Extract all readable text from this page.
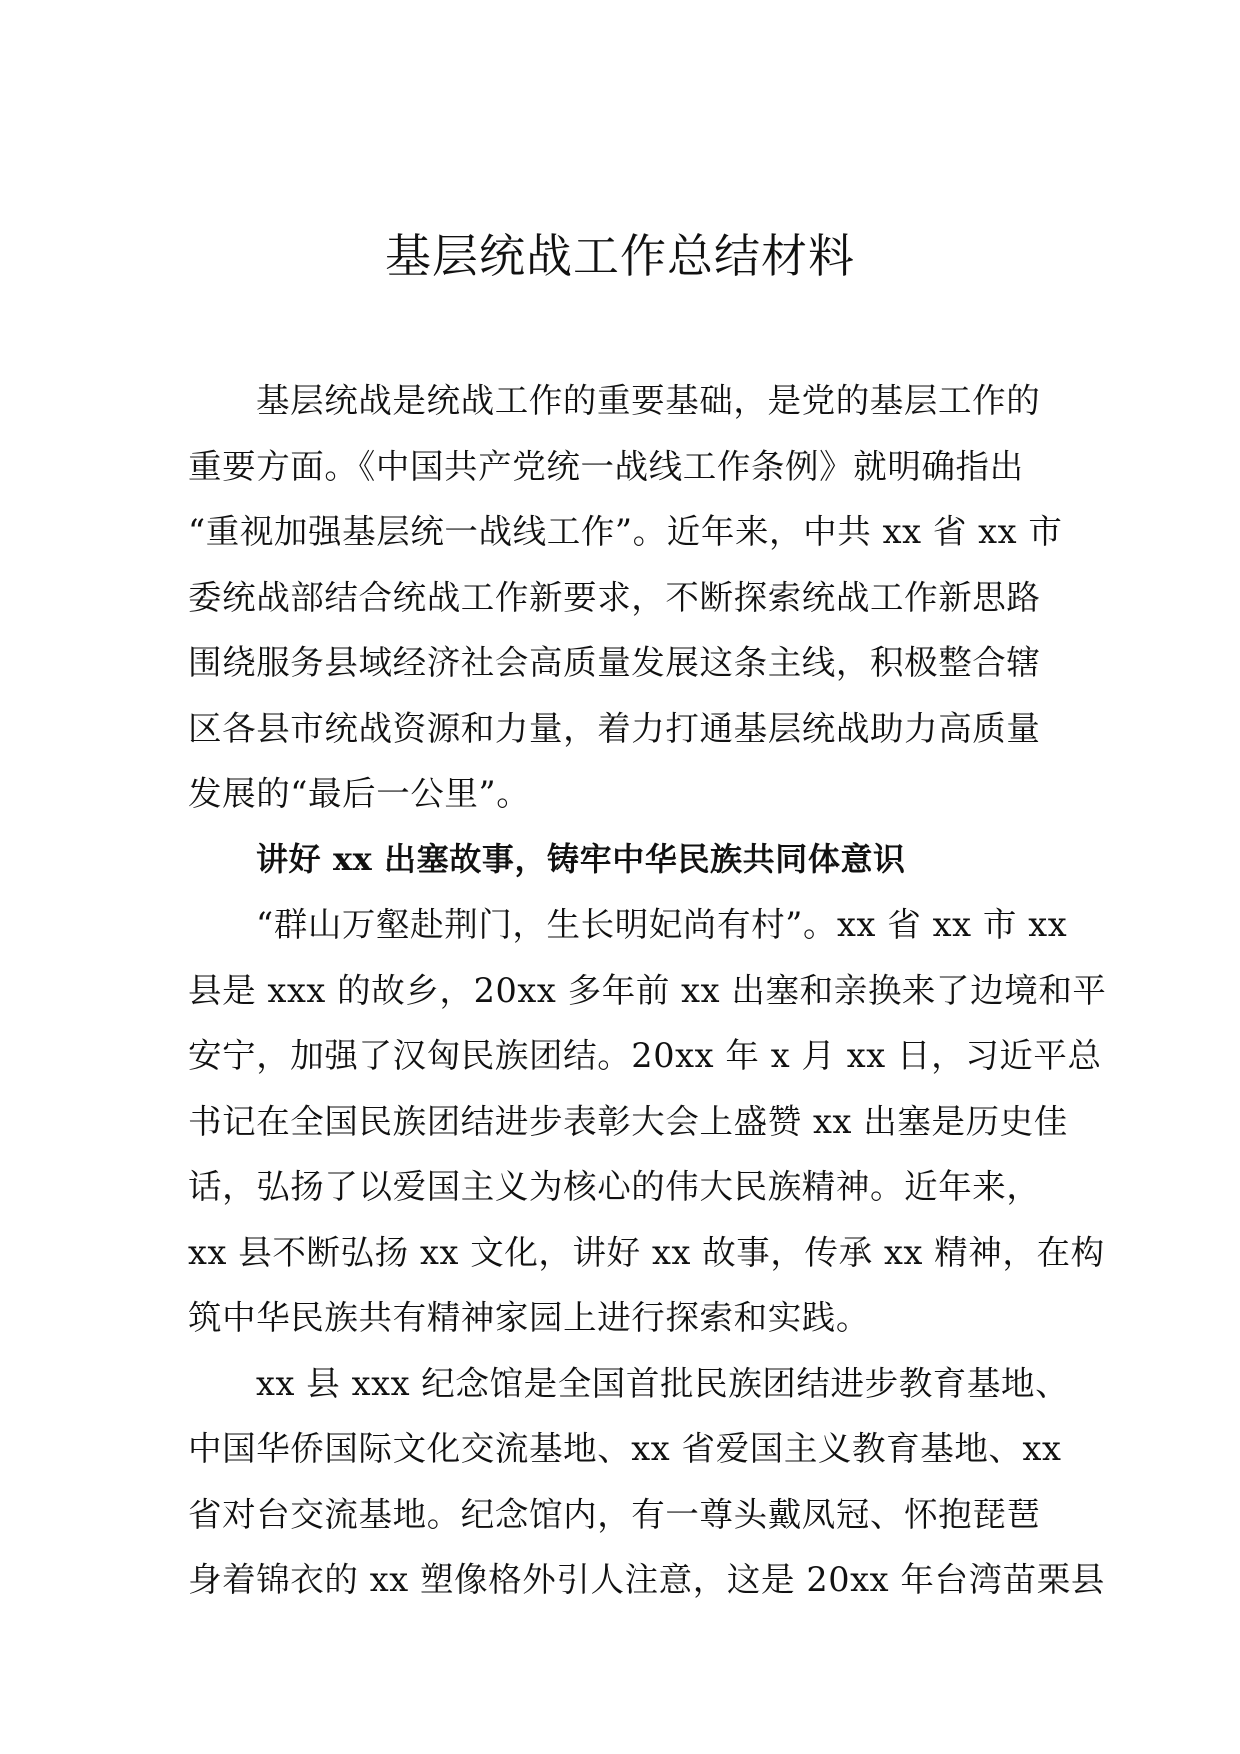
基层统战工作总结材料
基层统战是统战工作的重要基础，是党的基层工作的
重要方面。《中国共产党统一战线工作条例》就明确指出
“重视加强基层统一战线工作”。近年来，中共 xx 省 xx 市
委统战部结合统战工作新要求，不断探索统战工作新思路
围绕服务县域经济社会高质量发展这条主线，积极整合辖
区各县市统战资源和力量，着力打通基层统战助力高质量
发展的“最后一公里”。
讲好 xx 出塞故事，铸牢中华民族共同体意识
“群山万壑赴荆门，生长明妃尚有村”。xx 省 xx 市 xx
县是 xxx 的故乡，20xx 多年前 xx 出塞和亲换来了边境和平
安宁，加强了汉匈民族团结。20xx 年 x 月 xx 日，习近平总
书记在全国民族团结进步表彰大会上盛赞 xx 出塞是历史佳
话，弘扬了以爱国主义为核心的伟大民族精神。近年来，
xx 县不断弘扬 xx 文化，讲好 xx 故事，传承 xx 精神，在构
筑中华民族共有精神家园上进行探索和实践。
xx 县 xxx 纪念馆是全国首批民族团结进步教育基地、
中国华侨国际文化交流基地、xx 省爱国主义教育基地、xx
省对台交流基地。纪念馆内，有一尊头戴凤冠、怀抱琵琶
身着锦衣的 xx 塑像格外引人注意，这是 20xx 年台湾苗栗县
